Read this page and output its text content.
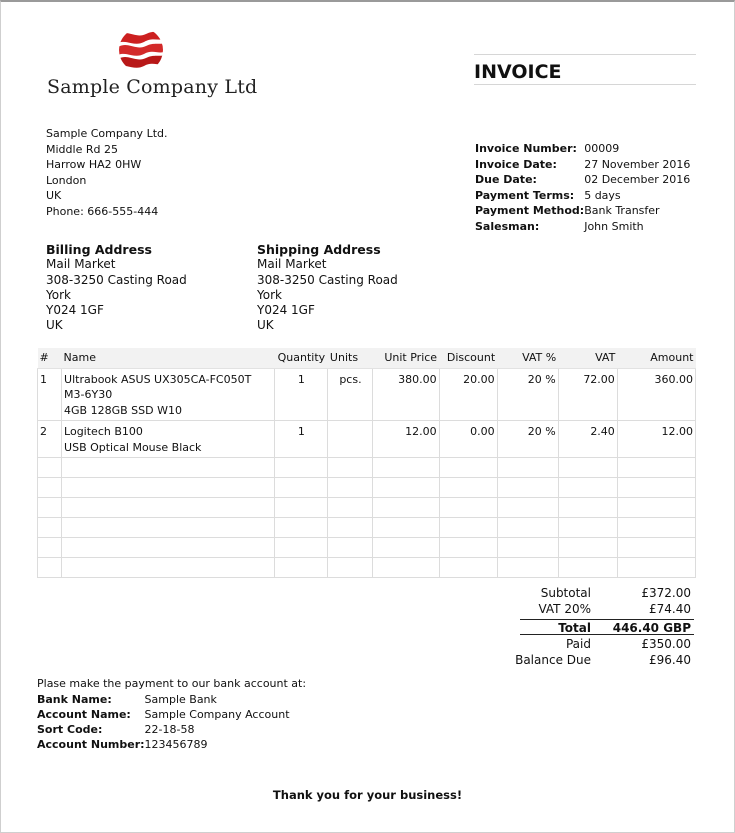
Sample Company Ltd
INVOICE
Sample Company Ltd.
Middle Rd 25
Harrow HA2 0HW
London
UK
Phone: 666-555-444
Invoice Number:	00009
Invoice Date:	27 November 2016
Due Date:	02 December 2016
Payment Terms:	5 days
Payment Method:	Bank Transfer
Salesman:	John Smith
Billing Address
Mail Market
308-3250 Casting Road
York
Y024 1GF
UK
Shipping Address
Mail Market
308-3250 Casting Road
York
Y024 1GF
UK
#	Name	Quantity	Units	Unit Price	Discount	VAT %	VAT	Amount
1	Ultrabook ASUS UX305CA-FC050T
M3-6Y30
4GB 128GB SSD W10	1	pcs.	380.00	20.00	20 %	72.00	360.00
2	Logitech B100
USB Optical Mouse Black	1		12.00	0.00	20 %	2.40	12.00

Subtotal	£372.00
VAT 20%	£74.40
Total 446.40 GBP
Paid	£350.00
Balance Due	£96.40
Plase make the payment to our bank account at:
Bank Name:	Sample Bank
Account Name:	Sample Company Account
Sort Code:	22-18-58
Account Number:	123456789
Thank you for your business!
